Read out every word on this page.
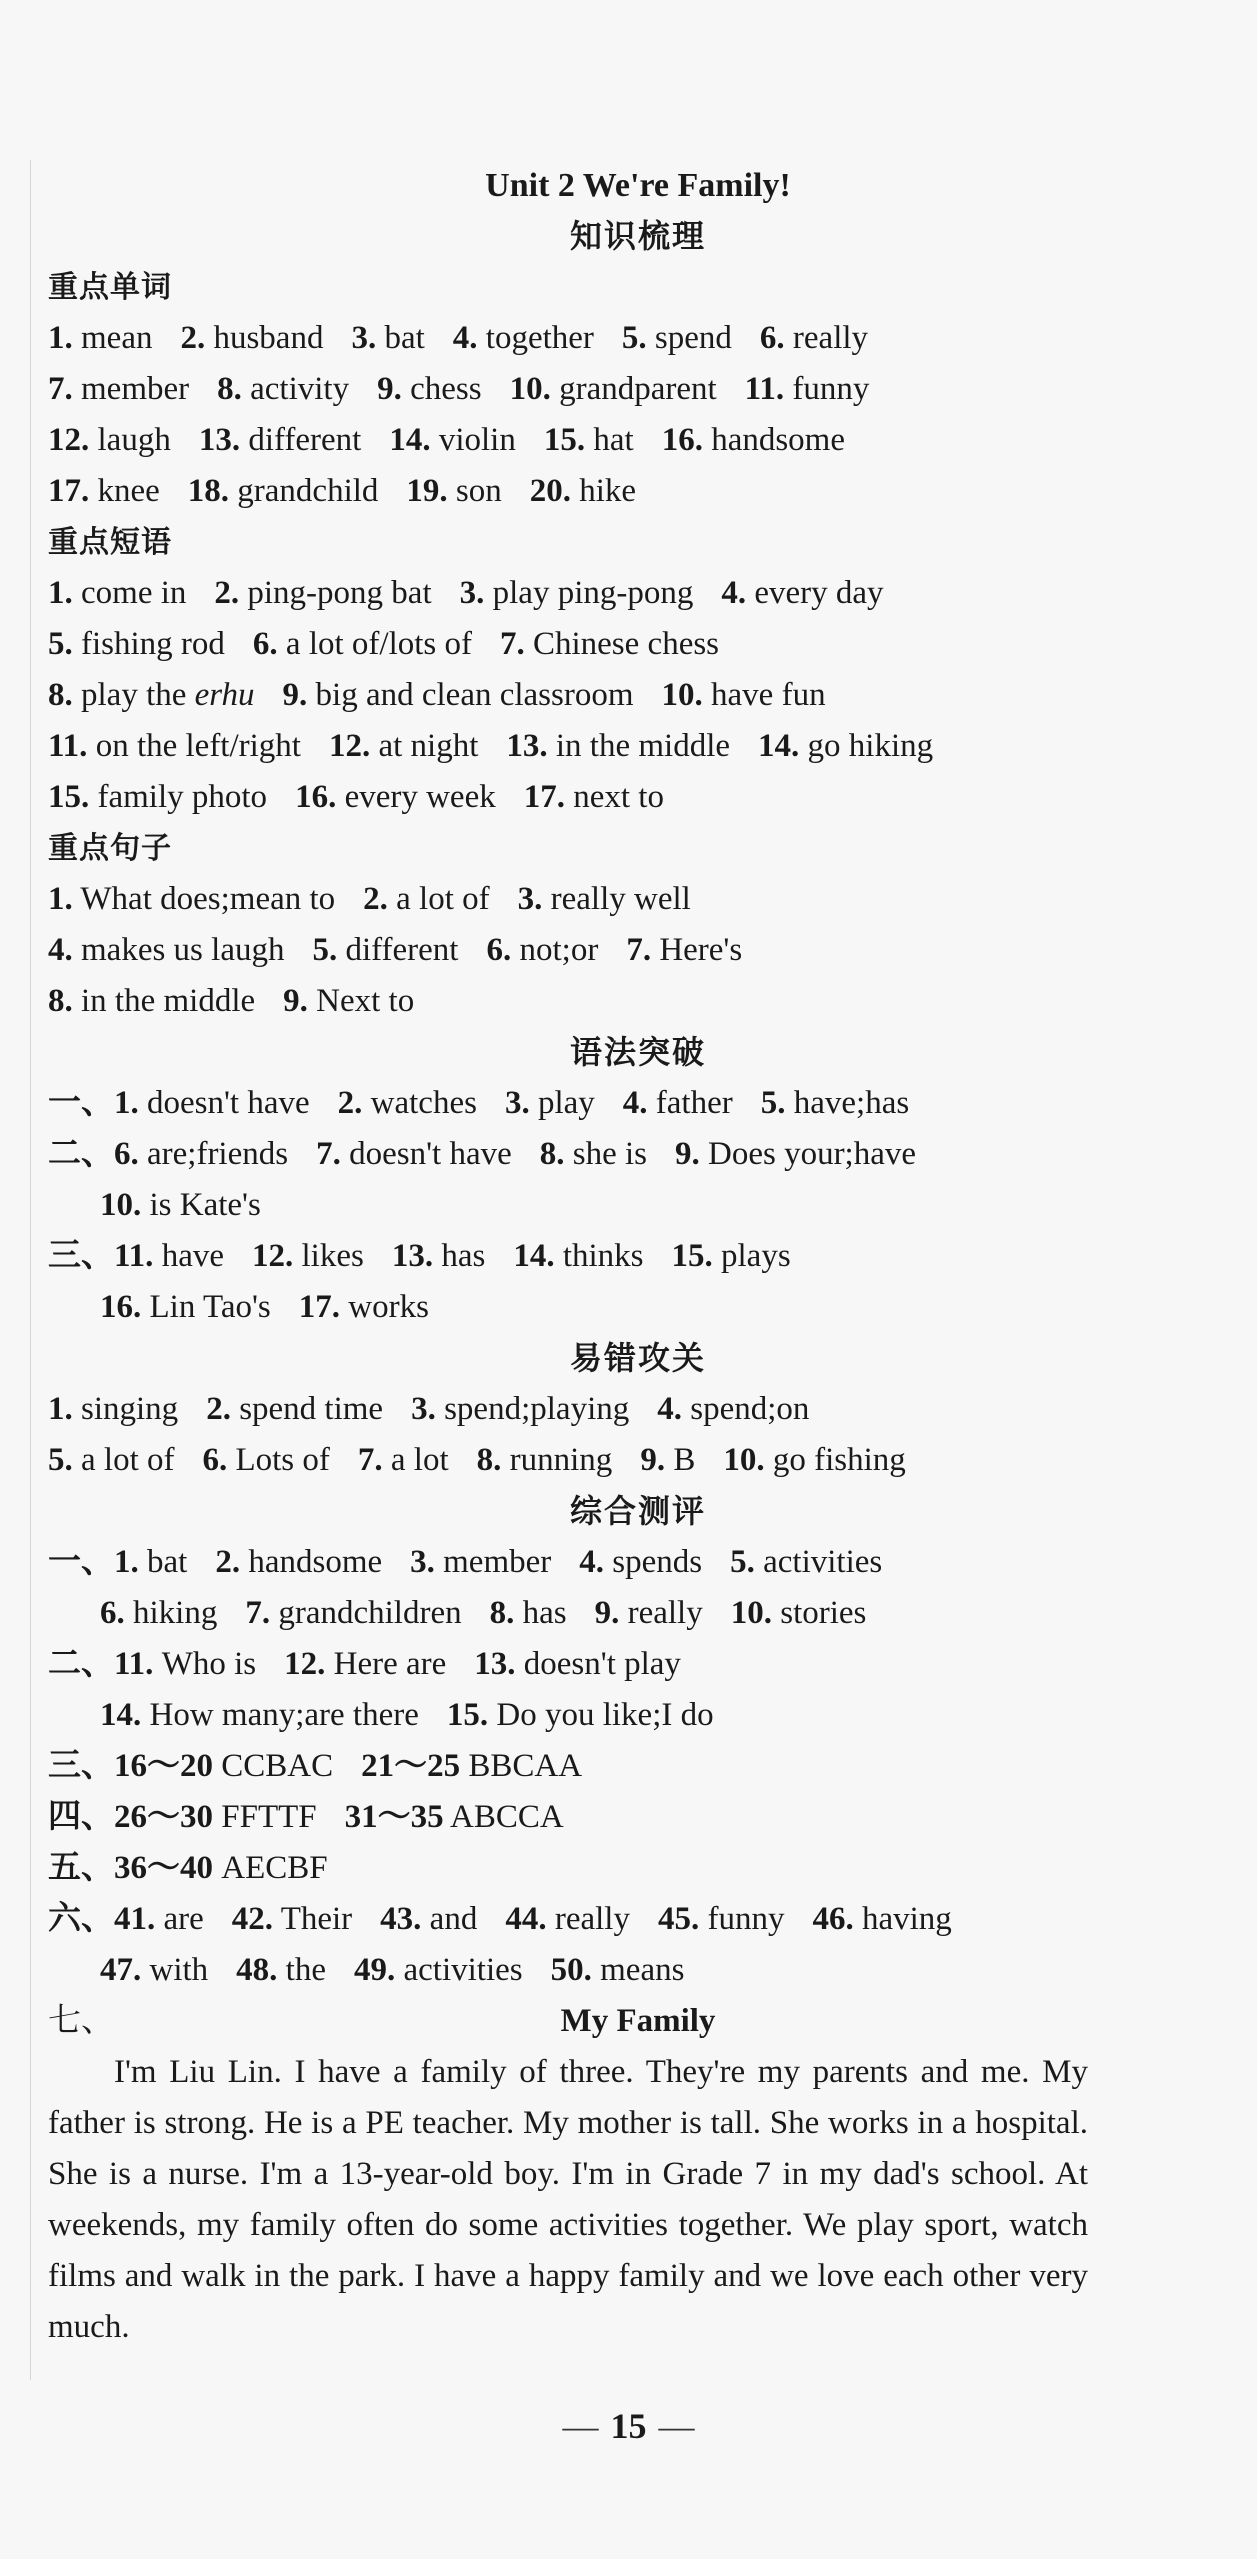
Unit 2 We're Family!
知识梳理
重点单词
1. mean 2. husband 3. bat 4. together 5. spend 6. really
7. member 8. activity 9. chess 10. grandparent 11. funny
12. laugh 13. different 14. violin 15. hat 16. handsome
17. knee 18. grandchild 19. son 20. hike
重点短语
1. come in 2. ping-pong bat 3. play ping-pong 4. every day
5. fishing rod 6. a lot of/lots of 7. Chinese chess
8. play the erhu 9. big and clean classroom 10. have fun
11. on the left/right 12. at night 13. in the middle 14. go hiking
15. family photo 16. every week 17. next to
重点句子
1. What does;mean to 2. a lot of 3. really well
4. makes us laugh 5. different 6. not;or 7. Here's
8. in the middle 9. Next to
语法突破
一、1. doesn't have 2. watches 3. play 4. father 5. have;has
二、6. are;friends 7. doesn't have 8. she is 9. Does your;have
10. is Kate's
三、11. have 12. likes 13. has 14. thinks 15. plays
16. Lin Tao's 17. works
易错攻关
1. singing 2. spend time 3. spend;playing 4. spend;on
5. a lot of 6. Lots of 7. a lot 8. running 9. B 10. go fishing
综合测评
一、1. bat 2. handsome 3. member 4. spends 5. activities
6. hiking 7. grandchildren 8. has 9. really 10. stories
二、11. Who is 12. Here are 13. doesn't play
14. How many;are there 15. Do you like;I do
三、16～20 CCBAC 21～25 BBCAA
四、26～30 FFTTF 31～35 ABCCA
五、36～40 AECBF
六、41. are 42. Their 43. and 44. really 45. funny 46. having
47. with 48. the 49. activities 50. means
七、	My Family

I'm Liu Lin. I have a family of three. They're my parents and me. My father is strong. He is a PE teacher. My mother is tall. She works in a hospital. She is a nurse. I'm a 13-year-old boy. I'm in Grade 7 in my dad's school. At weekends, my family often do some activities together. We play sport, watch films and walk in the park. I have a happy family and we love each other very much.

— 15 —
